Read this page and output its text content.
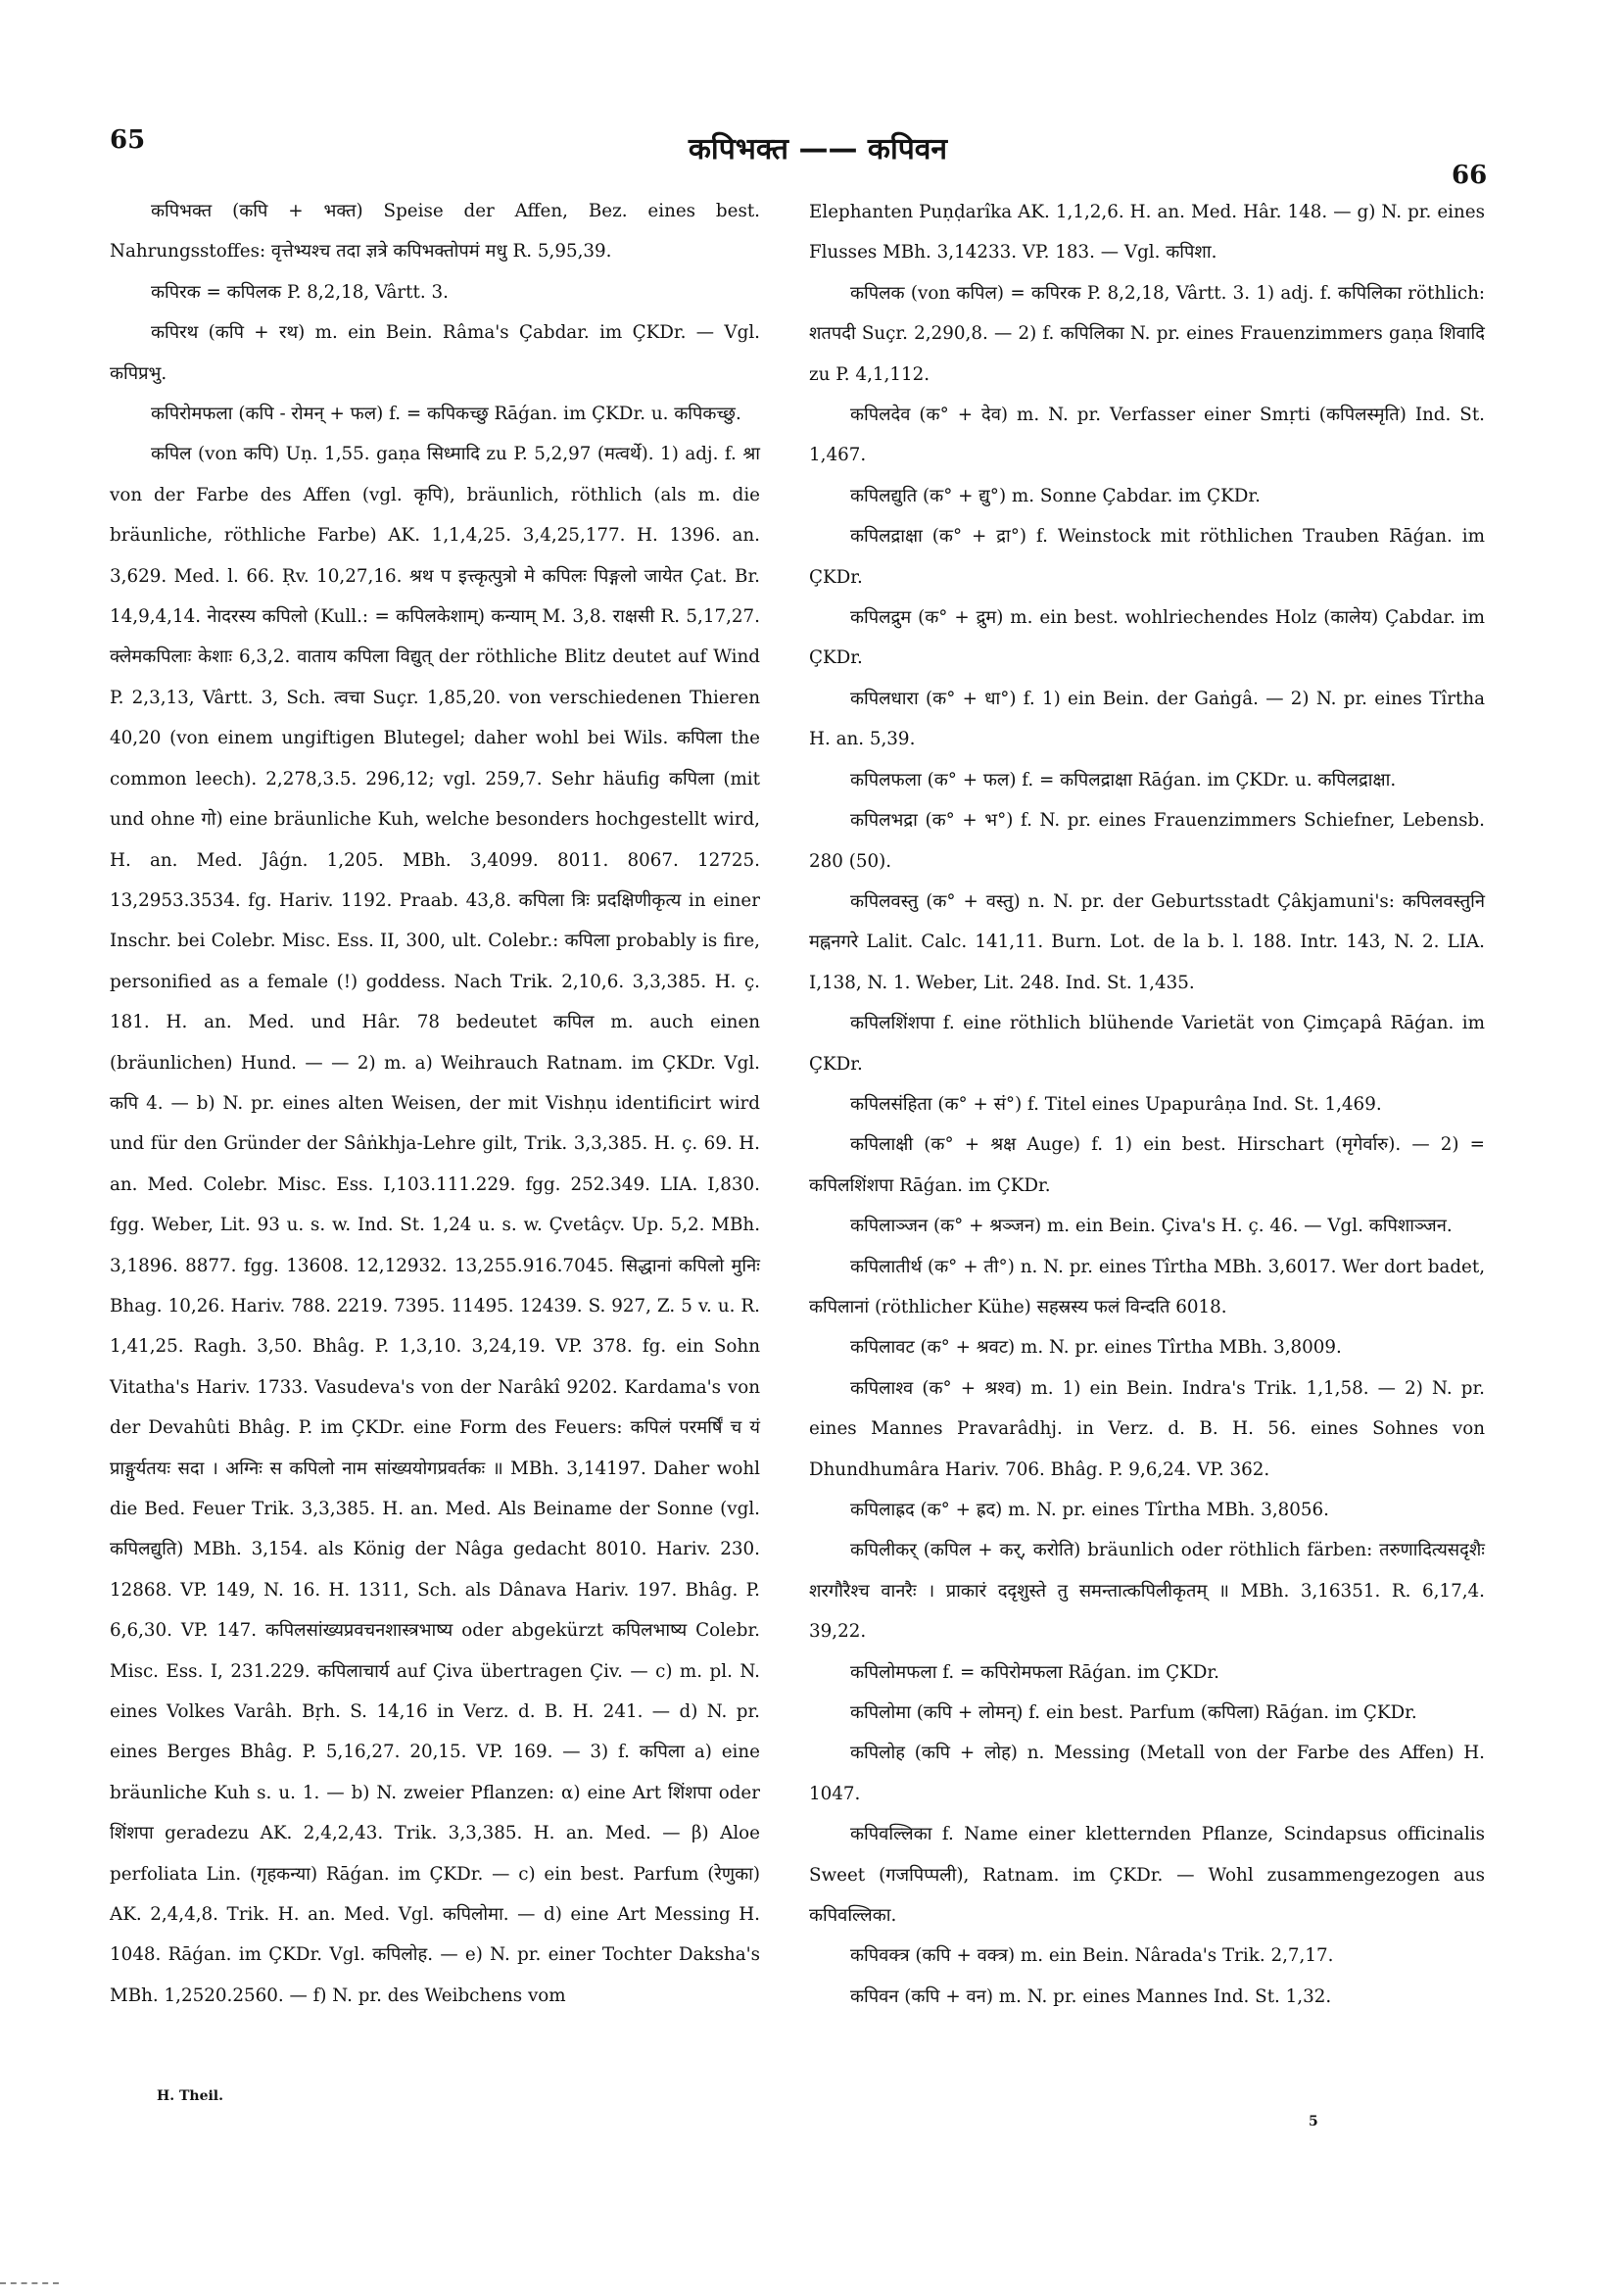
65	कपिभक्त —— कपिवन
66

कपिभक्त (कपि + भक्त) Speise der Affen, Bez. eines best. Nahrungsstoffes: वृत्तेभ्यश्च तदा ज्ञत्रे कपिभक्तोपमं मधु R. 5,95,39.

कपिरक = कपिलक P. 8,2,18, Vârtt. 3.

कपिरथ (कपि + रथ) m. ein Bein. Râma's Çabdar. im ÇKDr. — Vgl. कपिप्रभु.

कपिरोमफला (कपि - रोमन् + फल) f. = कपिकच्छु Rāǵan. im ÇKDr. u. कपिकच्छु.

कपिल (von कपि) Uṇ. 1,55. gaṇa सिध्मादि zu P. 5,2,97 (मत्वर्थे). 1) adj. f. श्रा von der Farbe des Affen (vgl. कृपि), bräunlich, röthlich (als m. die bräunliche, röthliche Farbe) AK. 1,1,4,25. 3,4,25,177. H. 1396. an. 3,629. Med. l. 66. Ṛv. 10,27,16. श्रथ प इत्त्कृत्पुत्रो मे कपिलः पिङ्गलो जायेत Çat. Br. 14,9,4,14. नेादरस्य कपिलो (Kull.: = कपिलकेशाम्) कन्याम् M. 3,8. राक्षसी R. 5,17,27. क्लेमकपिलाः केशाः 6,3,2. वाताय कपिला विद्युत् der röthliche Blitz deutet auf Wind P. 2,3,13, Vârtt. 3, Sch. त्वचा Suçr. 1,85,20. von verschiedenen Thieren 40,20 (von einem ungiftigen Blutegel; daher wohl bei Wils. कपिला the common leech). 2,278,3.5. 296,12; vgl. 259,7. Sehr häufig कपिला (mit und ohne गो) eine bräunliche Kuh, welche besonders hochgestellt wird, H. an. Med. Jâǵn. 1,205. MBh. 3,4099. 8011. 8067. 12725. 13,2953.3534. fg. Hariv. 1192. Praab. 43,8. कपिला त्रिः प्रदक्षिणीकृत्य in einer Inschr. bei Colebr. Misc. Ess. II, 300, ult. Colebr.: कपिला probably is fire, personified as a female (!) goddess. Nach Trik. 2,10,6. 3,3,385. H. ç. 181. H. an. Med. und Hâr. 78 bedeutet कपिल m. auch einen (bräunlichen) Hund. — — 2) m. a) Weihrauch Ratnam. im ÇKDr. Vgl. कपि 4. — b) N. pr. eines alten Weisen, der mit Vishṇu identificirt wird und für den Gründer der Sâṅkhja-Lehre gilt, Trik. 3,3,385. H. ç. 69. H. an. Med. Colebr. Misc. Ess. I,103.111.229. fgg. 252.349. LIA. I,830. fgg. Weber, Lit. 93 u. s. w. Ind. St. 1,24 u. s. w. Çvetâçv. Up. 5,2. MBh. 3,1896. 8877. fgg. 13608. 12,12932. 13,255.916.7045. सिद्धानां कपिलो मुनिः Bhag. 10,26. Hariv. 788. 2219. 7395. 11495. 12439. S. 927, Z. 5 v. u. R. 1,41,25. Ragh. 3,50. Bhâg. P. 1,3,10. 3,24,19. VP. 378. fg. ein Sohn Vitatha's Hariv. 1733. Vasudeva's von der Narâkî 9202. Kardama's von der Devahûti Bhâg. P. im ÇKDr. eine Form des Feuers: कपिलं परमर्षिं च यं प्राङ्गुर्यतयः सदा । अग्निः स कपिलो नाम सांख्ययोगप्रवर्तकः ॥ MBh. 3,14197. Daher wohl die Bed. Feuer Trik. 3,3,385. H. an. Med. Als Beiname der Sonne (vgl. कपिलद्युति) MBh. 3,154. als König der Nâga gedacht 8010. Hariv. 230. 12868. VP. 149, N. 16. H. 1311, Sch. als Dânava Hariv. 197. Bhâg. P. 6,6,30. VP. 147. कपिलसांख्यप्रवचनशास्त्रभाष्य oder abgekürzt कपिलभाष्य Colebr. Misc. Ess. I, 231.229. कपिलाचार्य auf Çiva übertragen Çiv. — c) m. pl. N. eines Volkes Varâh. Bṛh. S. 14,16 in Verz. d. B. H. 241. — d) N. pr. eines Berges Bhâg. P. 5,16,27. 20,15. VP. 169. — 3) f. कपिला a) eine bräunliche Kuh s. u. 1. — b) N. zweier Pflanzen: α) eine Art शिंशपा oder शिंशपा geradezu AK. 2,4,2,43. Trik. 3,3,385. H. an. Med. — β) Aloe perfoliata Lin. (गृहकन्या) Rāǵan. im ÇKDr. — c) ein best. Parfum (रेणुका) AK. 2,4,4,8. Trik. H. an. Med. Vgl. कपिलोमा. — d) eine Art Messing H. 1048. Rāǵan. im ÇKDr. Vgl. कपिलोह. — e) N. pr. einer Tochter Daksha's MBh. 1,2520.2560. — f) N. pr. des Weibchens vom

Elephanten Puṇḍarîka AK. 1,1,2,6. H. an. Med. Hâr. 148. — g) N. pr. eines Flusses MBh. 3,14233. VP. 183. — Vgl. कपिशा.

कपिलक (von कपिल) = कपिरक P. 8,2,18, Vârtt. 3. 1) adj. f. कपिलिका röthlich: शतपदी Suçr. 2,290,8. — 2) f. कपिलिका N. pr. eines Frauenzimmers gaṇa शिवादि zu P. 4,1,112.

कपिलदेव (क° + देव) m. N. pr. Verfasser einer Smṛti (कपिलस्मृति) Ind. St. 1,467.

कपिलद्युति (क° + द्यु°) m. Sonne Çabdar. im ÇKDr.

कपिलद्राक्षा (क° + द्रा°) f. Weinstock mit röthlichen Trauben Rāǵan. im ÇKDr.

कपिलद्रुम (क° + द्रुम) m. ein best. wohlriechendes Holz (कालेय) Çabdar. im ÇKDr.

कपिलधारा (क° + धा°) f. 1) ein Bein. der Gaṅgâ. — 2) N. pr. eines Tîrtha H. an. 5,39.

कपिलफला (क° + फल) f. = कपिलद्राक्षा Rāǵan. im ÇKDr. u. कपिलद्राक्षा.

कपिलभद्रा (क° + भ°) f. N. pr. eines Frauenzimmers Schiefner, Lebensb. 280 (50).

कपिलवस्तु (क° + वस्तु) n. N. pr. der Geburtsstadt Çâkjamuni's: कपिलवस्तुनि मह्ननगरे Lalit. Calc. 141,11. Burn. Lot. de la b. l. 188. Intr. 143, N. 2. LIA. I,138, N. 1. Weber, Lit. 248. Ind. St. 1,435.

कपिलशिंशपा f. eine röthlich blühende Varietät von Çimçapâ Rāǵan. im ÇKDr.

कपिलसंहिता (क° + सं°) f. Titel eines Upapurâṇa Ind. St. 1,469.

कपिलाक्षी (क° + श्रक्ष Auge) f. 1) ein best. Hirschart (मृगेर्वारु). — 2) = कपिलशिंशपा Rāǵan. im ÇKDr.

कपिलाञ्जन (क° + श्रञ्जन) m. ein Bein. Çiva's H. ç. 46. — Vgl. कपिशाञ्जन.

कपिलातीर्थ (क° + ती°) n. N. pr. eines Tîrtha MBh. 3,6017. Wer dort badet, कपिलानां (röthlicher Kühe) सहस्रस्य फलं विन्दति 6018.

कपिलावट (क° + श्रवट) m. N. pr. eines Tîrtha MBh. 3,8009.

कपिलाश्व (क° + श्रश्व) m. 1) ein Bein. Indra's Trik. 1,1,58. — 2) N. pr. eines Mannes Pravarâdhj. in Verz. d. B. H. 56. eines Sohnes von Dhundhumâra Hariv. 706. Bhâg. P. 9,6,24. VP. 362.

कपिलाह्रद (क° + ह्रद) m. N. pr. eines Tîrtha MBh. 3,8056.

कपिलीकर् (कपिल + कर्, करोति) bräunlich oder röthlich färben: तरुणादित्यसदृशैः शरगौरैश्च वानरैः । प्राकारं ददृशुस्ते तु समन्तात्कपिलीकृतम् ॥ MBh. 3,16351. R. 6,17,4. 39,22.

कपिलोमफला f. = कपिरोमफला Rāǵan. im ÇKDr.

कपिलोमा (कपि + लोमन्) f. ein best. Parfum (कपिला) Rāǵan. im ÇKDr.

कपिलोह (कपि + लोह) n. Messing (Metall von der Farbe des Affen) H. 1047.

कपिवल्लिका f. Name einer kletternden Pflanze, Scindapsus officinalis Sweet (गजपिप्पली), Ratnam. im ÇKDr. — Wohl zusammengezogen aus कपिवल्लिका.

कपिवक्त्र (कपि + वक्त्र) m. ein Bein. Nârada's Trik. 2,7,17.

कपिवन (कपि + वन) m. N. pr. eines Mannes Ind. St. 1,32.

H. Theil.
5
